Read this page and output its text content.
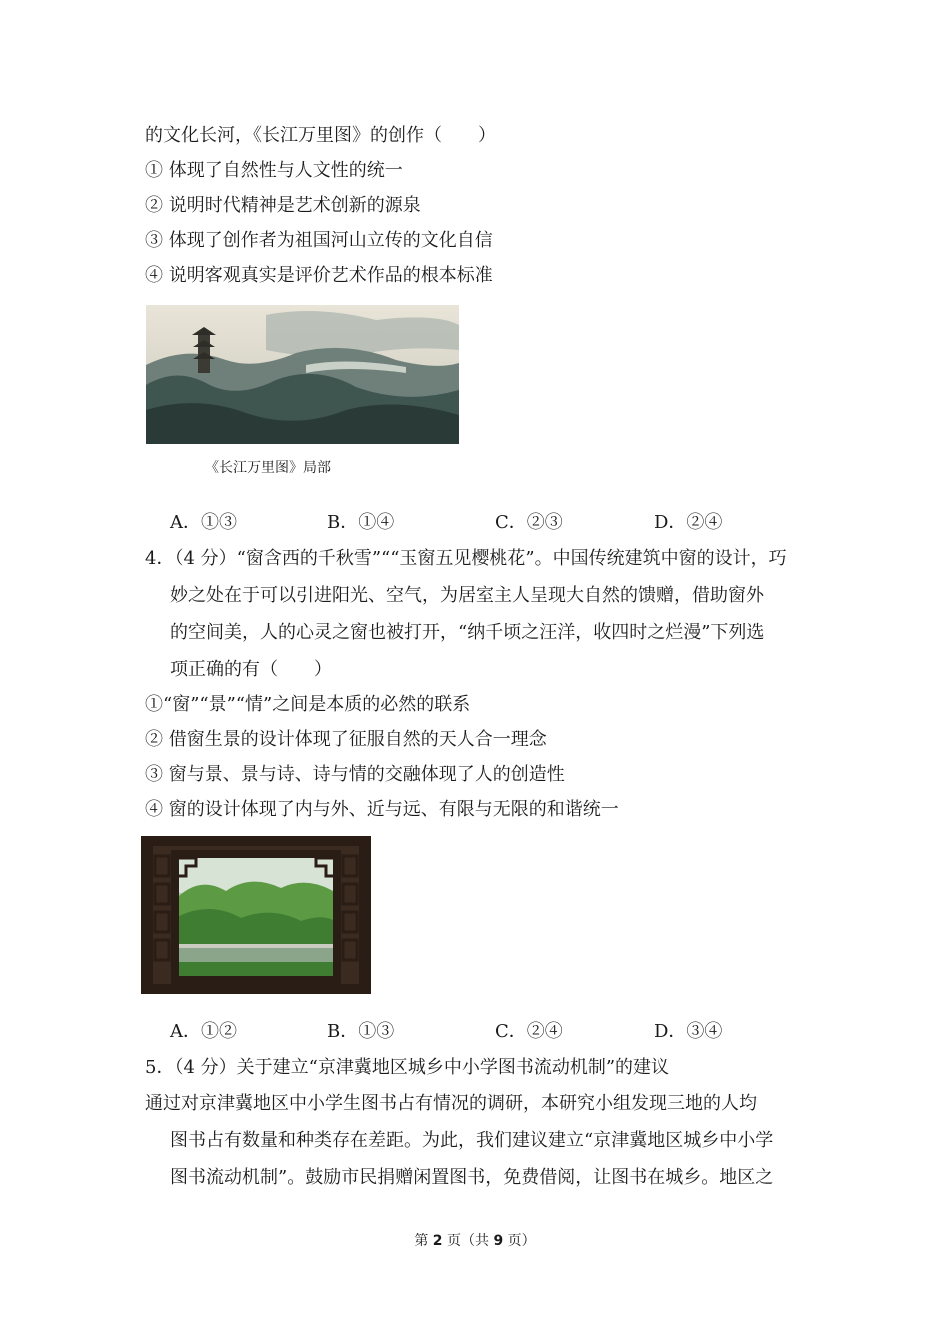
的文化长河，《长江万里图》的创作（　　）
① 体现了自然性与人文性的统一
② 说明时代精神是艺术创新的源泉
③ 体现了创作者为祖国河山立传的文化自信
④ 说明客观真实是评价艺术作品的根本标准
《长江万里图》局部
A．①③	B．①④	C．②③	D．②④
4．（4 分）“窗含西的千秋雪”““玉窗五见樱桃花”。中国传统建筑中窗的设计，巧
妙之处在于可以引进阳光、空气，为居室主人呈现大自然的馈赠，借助窗外
的空间美，人的心灵之窗也被打开，“纳千顷之汪洋，收四时之烂漫”下列选
项正确的有（　　）
①“窗”“景”“情”之间是本质的必然的联系
② 借窗生景的设计体现了征服自然的天人合一理念
③ 窗与景、景与诗、诗与情的交融体现了人的创造性
④ 窗的设计体现了内与外、近与远、有限与无限的和谐统一
A．①②	B．①③	C．②④	D．③④
5．（4 分）关于建立“京津冀地区城乡中小学图书流动机制”的建议
通过对京津冀地区中小学生图书占有情况的调研，本研究小组发现三地的人均
图书占有数量和种类存在差距。为此，我们建议建立“京津冀地区城乡中小学
图书流动机制”。鼓励市民捐赠闲置图书，免费借阅，让图书在城乡。地区之
第 2 页（共 9 页）
